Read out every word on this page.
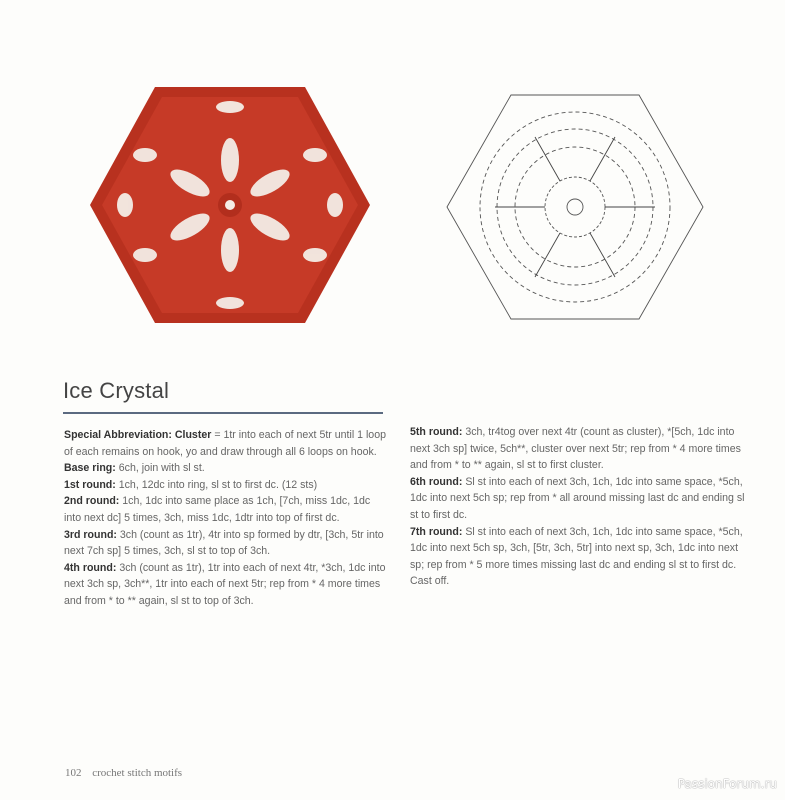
Ice Crystal

Special Abbreviation: Cluster = 1tr into each of next 5tr until 1 loop of each remains on hook, yo and draw through all 6 loops on hook.

Base ring: 6ch, join with sl st.

1st round: 1ch, 12dc into ring, sl st to first dc. (12 sts)

2nd round: 1ch, 1dc into same place as 1ch, [7ch, miss 1dc, 1dc into next dc] 5 times, 3ch, miss 1dc, 1dtr into top of first dc.

3rd round: 3ch (count as 1tr), 4tr into sp formed by dtr, [3ch, 5tr into next 7ch sp] 5 times, 3ch, sl st to top of 3ch.

4th round: 3ch (count as 1tr), 1tr into each of next 4tr, *3ch, 1dc into next 3ch sp, 3ch**, 1tr into each of next 5tr; rep from * 4 more times and from * to ** again, sl st to top of 3ch.

5th round: 3ch, tr4tog over next 4tr (count as cluster), *[5ch, 1dc into next 3ch sp] twice, 5ch**, cluster over next 5tr; rep from * 4 more times and from * to ** again, sl st to first cluster.

6th round: Sl st into each of next 3ch, 1ch, 1dc into same space, *5ch, 1dc into next 5ch sp; rep from * all around missing last dc and ending sl st to first dc.

7th round: Sl st into each of next 3ch, 1ch, 1dc into same space, *5ch, 1dc into next 5ch sp, 3ch, [5tr, 3ch, 5tr] into next sp, 3ch, 1dc into next sp; rep from * 5 more times missing last dc and ending sl st to first dc.

Cast off.

102 crochet stitch motifs
PassionForum.ru
